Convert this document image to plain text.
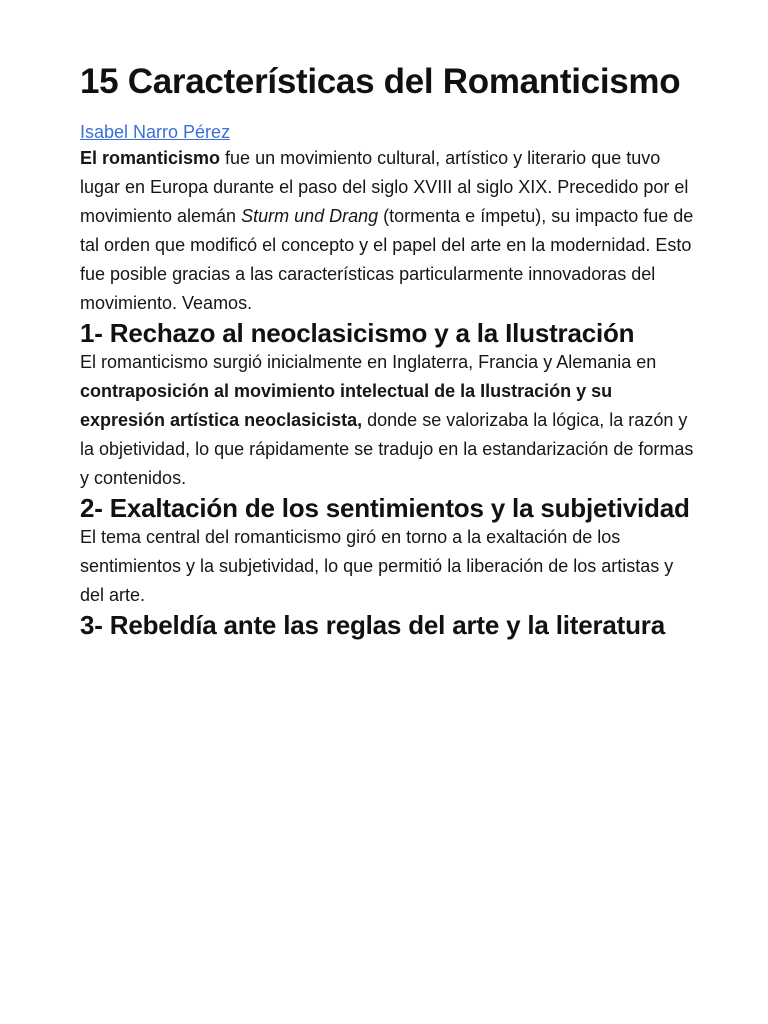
15 Características del Romanticismo
Isabel Narro Pérez

El romanticismo fue un movimiento cultural, artístico y literario que tuvo lugar en Europa durante el paso del siglo XVIII al siglo XIX. Precedido por el movimiento alemán Sturm und Drang (tormenta e ímpetu), su impacto fue de tal orden que modificó el concepto y el papel del arte en la modernidad. Esto fue posible gracias a las características particularmente innovadoras del movimiento. Veamos.

1- Rechazo al neoclasicismo y a la Ilustración

El romanticismo surgió inicialmente en Inglaterra, Francia y Alemania en contraposición al movimiento intelectual de la Ilustración y su expresión artística neoclasicista, donde se valorizaba la lógica, la razón y la objetividad, lo que rápidamente se tradujo en la estandarización de formas y contenidos.

2- Exaltación de los sentimientos y la subjetividad

El tema central del romanticismo giró en torno a la exaltación de los sentimientos y la subjetividad, lo que permitió la liberación de los artistas y del arte.

3- Rebeldía ante las reglas del arte y la literatura
